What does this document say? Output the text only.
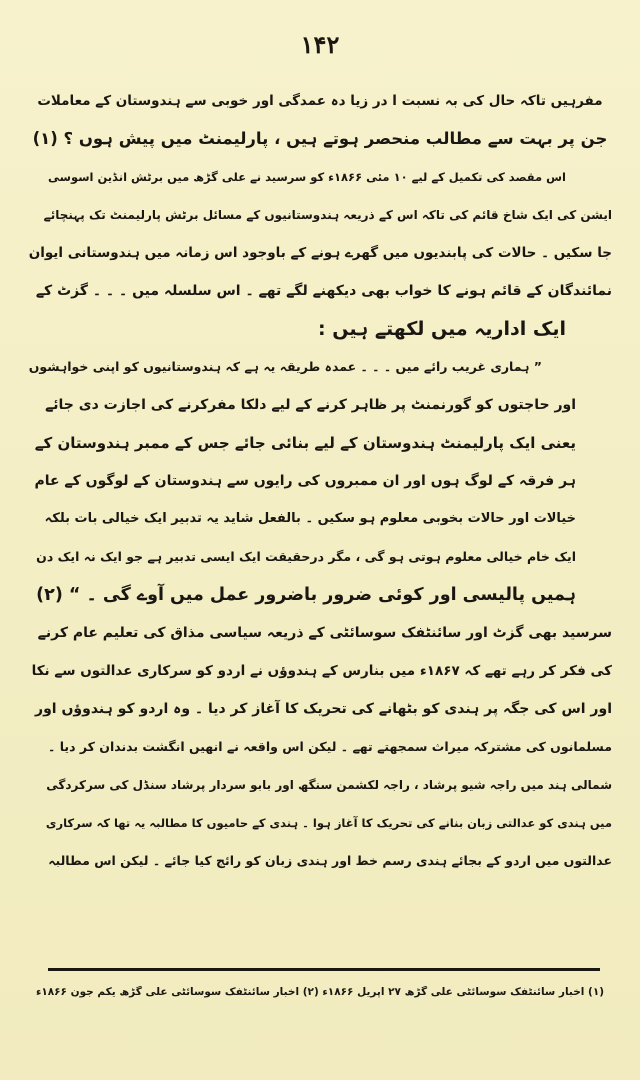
۱۴۲
مفرہیں تاکہ حال کی بہ نسبت ا در زیا دہ عمدگی اور خوبی سے ہندوستان کے معاملات
جن پر بہت سے مطالب منحصر ہوتے ہیں ، پارلیمنٹ میں پیش ہوں ؟ (۱)
اس مقصد کی تکمیل کے لیے ۱۰ مئی ۱۸۶۶ء کو سرسید نے علی گڑھ میں برٹش انڈین اسوسی
ایشن کی ایک شاخ قائم کی تاکہ اس کے ذریعہ ہندوستانیوں کے مسائل برٹش پارلیمنٹ تک پہنچائے
جا سکیں ۔ حالات کی پابندیوں میں گھرے ہونے کے باوجود اس زمانہ میں ہندوستانی ایوان
نمائندگان کے قائم ہونے کا خواب بھی دیکھنے لگے تھے ۔ اس سلسلہ میں ۔ ۔ ۔ گزٹ کے
ایک اداریہ میں لکھتے ہیں :
” ہماری غریب رائے میں ۔ ۔ ۔ عمدہ طریقہ یہ ہے کہ ہندوستانیوں کو اپنی خواہشوں
اور حاجتوں کو گورنمنٹ پر ظاہر کرنے کے لیے دلکا مفرکرنے کی اجازت دی جائے
یعنی ایک پارلیمنٹ ہندوستان کے لیے بنائی جائے جس کے ممبر ہندوستان کے
ہر فرقہ کے لوگ ہوں اور ان ممبروں کی رایوں سے ہندوستان کے لوگوں کے عام
خیالات اور حالات بخوبی معلوم ہو سکیں ۔ بالفعل شاید یہ تدبیر ایک خیالی بات بلکہ
ایک خام خیالی معلوم ہوتی ہو گی ، مگر درحقیقت ایک ایسی تدبیر ہے جو ایک نہ ایک دن
ہمیں پالیسی اور کوئی ضرور باضرور عمل میں آوے گی ۔ “ (۲)
سرسید بھی گزٹ اور سائنٹفک سوسائٹی کے ذریعہ سیاسی مذاق کی تعلیم عام کرنے
کی فکر کر رہے تھے کہ ۱۸۶۷ء میں بنارس کے ہندوؤں نے اردو کو سرکاری عدالتوں سے نکا
اور اس کی جگہ پر ہندی کو بٹھانے کی تحریک کا آغاز کر دیا ۔ وہ اردو کو ہندوؤں اور
مسلمانوں کی مشترکہ میراث سمجھتے تھے ۔ لیکن اس واقعہ نے انھیں انگشت بدندان کر دیا ۔
شمالی ہند میں راجہ شیو پرشاد ، راجہ لکشمن سنگھ اور بابو سردار پرشاد سنڈل کی سرکردگی
میں ہندی کو عدالتی زبان بنانے کی تحریک کا آغاز ہوا ۔ ہندی کے حامیوں کا مطالبہ یہ تھا کہ سرکاری
عدالتوں میں اردو کے بجائے ہندی رسم خط اور ہندی زبان کو رائج کیا جائے ۔ لیکن اس مطالبہ
(۱) اخبار سائنٹفک سوسائٹی علی گڑھ ۲۷ اپریل ۱۸۶۶ء (۲) اخبار سائنٹفک سوسائٹی علی گڑھ یکم جون ۱۸۶۶ء
